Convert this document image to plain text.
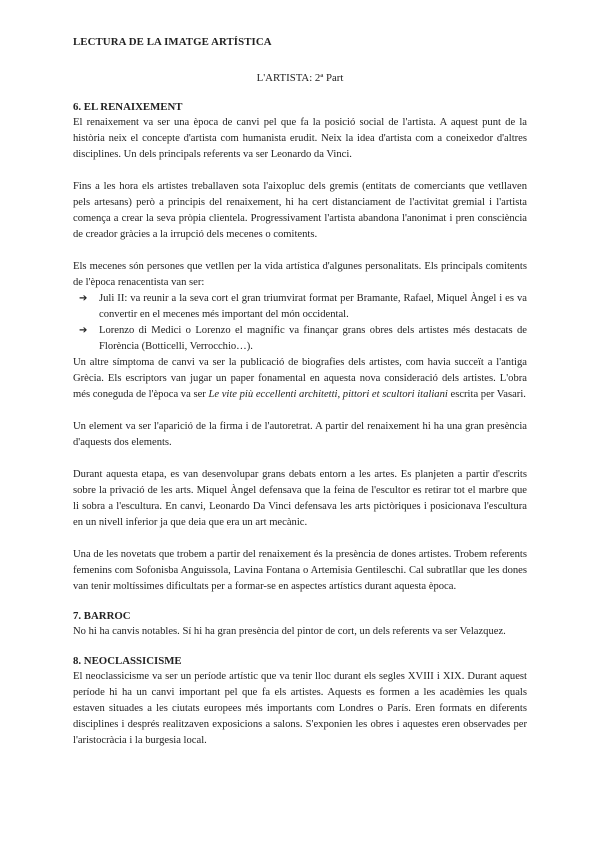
LECTURA DE LA IMATGE ARTÍSTICA
L'ARTISTA: 2ª Part
6. EL RENAIXEMENT

El renaixement va ser una època de canvi pel que fa la posició social de l'artista. A aquest punt de la història neix el concepte d'artista com humanista erudit. Neix la idea d'artista com a coneixedor d'altres disciplines. Un dels principals referents va ser Leonardo da Vinci.

Fins a les hora els artistes treballaven sota l'aixopluc dels gremis (entitats de comerciants que vetllaven pels artesans) però a principis del renaixement, hi ha cert distanciament de l'activitat gremial i l'artista comença a crear la seva pròpia clientela. Progressivament l'artista abandona l'anonimat i pren consciència de creador gràcies a la irrupció dels mecenes o comitents.

Els mecenes són persones que vetllen per la vida artística d'algunes personalitats. Els principals comitents de l'època renacentista van ser:

➔ Juli II: va reunir a la seva cort el gran triumvirat format per Bramante, Rafael, Miquel Àngel i es va convertir en el mecenes més important del món occidental.
➔ Lorenzo di Medici o Lorenzo el magnífic va finançar grans obres dels artistes més destacats de Florència (Botticelli, Verrocchio…).

Un altre símptoma de canvi va ser la publicació de biografies dels artistes, com havia succeït a l'antiga Grècia. Els escriptors van jugar un paper fonamental en aquesta nova consideració dels artistes. L'obra més coneguda de l'època va ser Le vite più eccellenti architetti, pittori et scultori italiani escrita per Vasari.

Un element va ser l'aparició de la firma i de l'autoretrat. A partir del renaixement hi ha una gran presència d'aquests dos elements.

Durant aquesta etapa, es van desenvolupar grans debats entorn a les artes. Es planjeten a partir d'escrits sobre la privació de les arts. Miquel Àngel defensava que la feina de l'escultor es retirar tot el marbre que li sobra a l'escultura. En canvi, Leonardo Da Vinci defensava les arts pictòriques i posicionava l'escultura en un nivell inferior ja que deia que era un art mecànic.

Una de les novetats que trobem a partir del renaixement és la presència de dones artistes. Trobem referents femenins com Sofonisba Anguissola, Lavina Fontana o Artemisia Gentileschi. Cal subratllar que les dones van tenir moltíssimes dificultats per a formar-se en aspectes artístics durant aquesta època.

7. BARROC

No hi ha canvis notables. Sí hi ha gran presència del pintor de cort, un dels referents va ser Velazquez.

8. NEOCLASSICISME

El neoclassicisme va ser un període artístic que va tenir lloc durant els segles XVIII i XIX. Durant aquest període hi ha un canvi important pel que fa els artistes. Aquests es formen a les acadèmies les quals estaven situades a les ciutats europees més importants com Londres o París. Eren formats en diferents disciplines i després realitzaven exposicions a salons. S'exponien les obres i aquestes eren observades per l'aristocràcia i la burgesia local.
